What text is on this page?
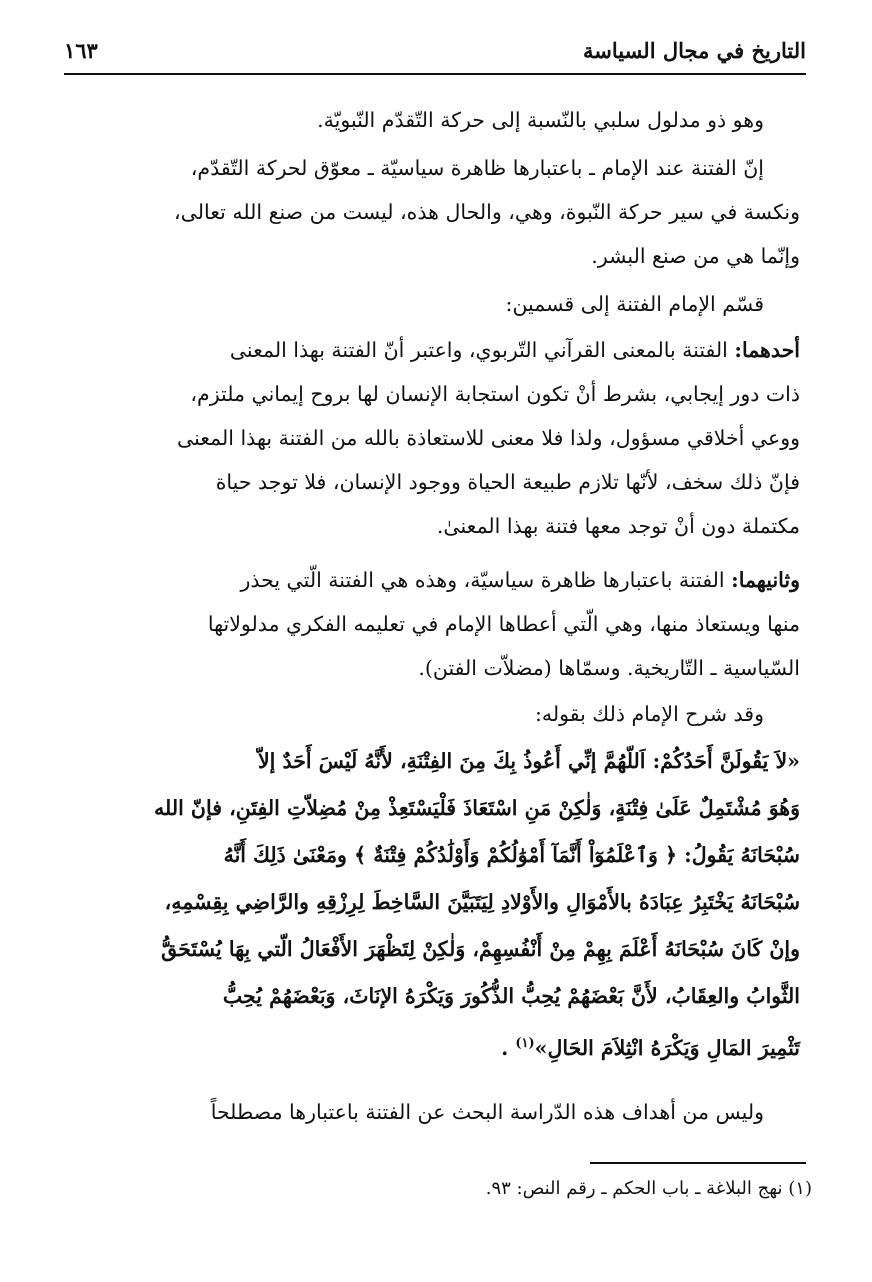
التاريخ في مجال السياسة
١٦٣
وهو ذو مدلول سلبي بالنّسبة إلى حركة التّقدّم النّبويّة.
إنّ الفتنة عند الإمام ـ باعتبارها ظاهرة سياسيّة ـ معوّق لحركة التّقدّم،
ونكسة في سير حركة النّبوة، وهي، والحال هذه، ليست من صنع الله تعالى،
وإنّما هي من صنع البشر.
قسّم الإمام الفتنة إلى قسمين:
أحدهما: الفتنة بالمعنى القرآني التّربوي، واعتبر أنّ الفتنة بهذا المعنى
ذات دور إيجابي، بشرط أنْ تكون استجابة الإنسان لها بروح إيماني ملتزم،
ووعي أخلاقي مسؤول، ولذا فلا معنى للاستعاذة بالله من الفتنة بهذا المعنى
فإنّ ذلك سخف، لأنّها تلازم طبيعة الحياة ووجود الإنسان، فلا توجد حياة
مكتملة دون أنْ توجد معها فتنة بهذا المعنىٰ.
وثانيهما: الفتنة باعتبارها ظاهرة سياسيّة، وهذه هي الفتنة الّتي يحذر
منها ويستعاذ منها، وهي الّتي أعطاها الإمام في تعليمه الفكري مدلولاتها
السّياسية ـ التّاريخية. وسمّاها (مضلاّت الفتن).
وقد شرح الإمام ذلك بقوله:
«لاَ يَقُولَنَّ أَحَدُكُمْ: اَللّهُمَّ إنِّي أَعُوذُ بِكَ مِنَ الفِتْنَةِ، لأَنَّهُ لَيْسَ أَحَدٌ إلاّ
وَهُوَ مُشْتَمِلٌ عَلَىٰ فِتْنَةٍ، وَلٰكِنْ مَنِ اسْتَعَاذَ فَلْيَسْتَعِذْ مِنْ مُضِلاّتِ الفِتَنِ، فإنّ الله
سُبْحَانَهُ يَقُولُ: ﴿ وَٱعْلَمُوٓاْ أَنَّمَآ أَمْوَٰلُكُمْ وَأَوْلَٰدُكُمْ فِتْنَةٌ ﴾ ومَعْنَىٰ ذَلِكَ أَنَّهُ
سُبْحَانَهُ يَخْتَبِرُ عِبَادَهُ بالأَمْوَالِ والأَوْلادِ لِيَتَبَيَّنَ السَّاخِطَ لِرِزْقِهِ والرَّاضِي بِقِسْمِهِ،
وإنْ كَانَ سُبْحَانَهُ أَعْلَمَ بِهِمْ مِنْ أَنْفُسِهِمْ، وَلٰكِنْ لِتَظْهَرَ الأَفْعَالُ الّتي بِهَا يُسْتَحَقُّ
الثَّوابُ والعِقَابُ، لأَنَّ بَعْضَهُمْ يُحِبُّ الذُّكُورَ وَيَكْرَهُ الإنَاثَ، وَبَعْضَهُمْ يُحِبُّ
تَثْمِيرَ المَالِ وَيَكْرَهُ انْثِلاَمَ الحَالِ»$^{(١)}$ .
وليس من أهداف هذه الدّراسة البحث عن الفتنة باعتبارها مصطلحاً
(١) نهج البلاغة ـ باب الحكم ـ رقم النص: ٩٣.
